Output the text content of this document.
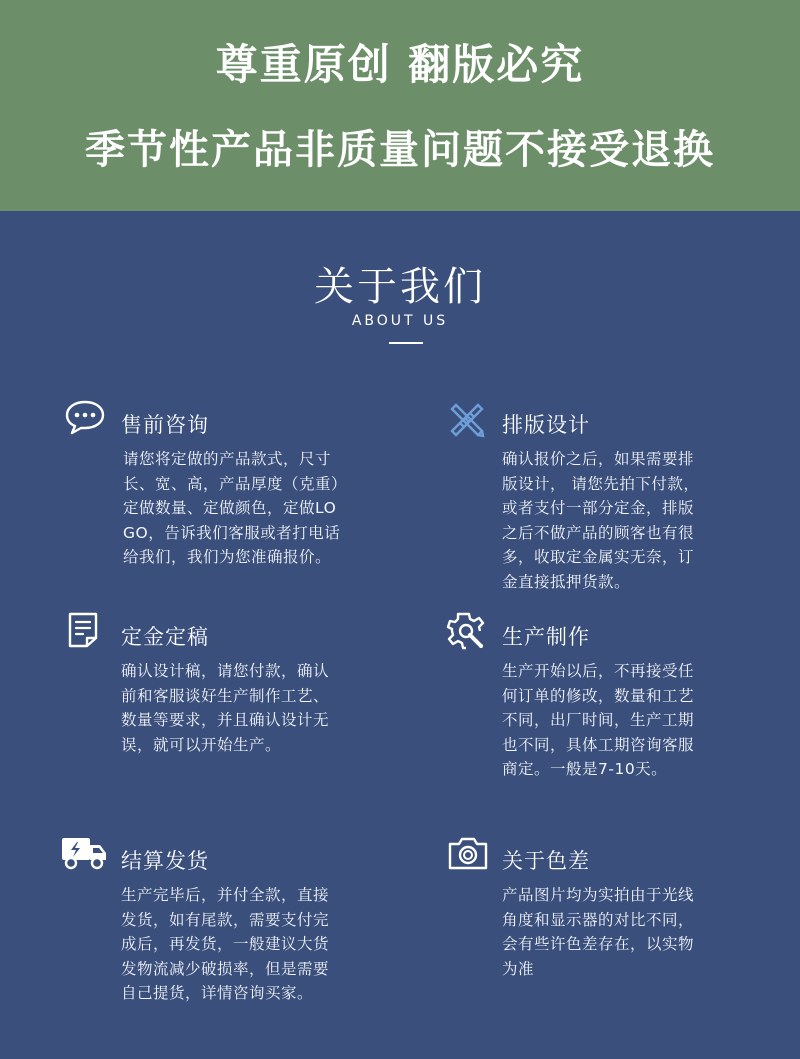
尊重原创 翻版必究
季节性产品非质量问题不接受退换
关于我们
ABOUT US
售前咨询
请您将定做的产品款式，尺寸
长、宽、高，产品厚度（克重）
定做数量、定做颜色，定做LO
GO，告诉我们客服或者打电话
给我们，我们为您准确报价。
排版设计
确认报价之后，如果需要排
版设计， 请您先拍下付款，
或者支付一部分定金，排版
之后不做产品的顾客也有很
多，收取定金属实无奈，订
金直接抵押货款。
定金定稿
确认设计稿，请您付款，确认
前和客服谈好生产制作工艺、
数量等要求，并且确认设计无
误，就可以开始生产。
生产制作
生产开始以后，不再接受任
何订单的修改，数量和工艺
不同，出厂时间，生产工期
也不同，具体工期咨询客服
商定。一般是7-10天。
结算发货
生产完毕后，并付全款，直接
发货，如有尾款，需要支付完
成后，再发货，一般建议大货
发物流减少破损率，但是需要
自己提货，详情咨询买家。
关于色差
产品图片均为实拍由于光线
角度和显示器的对比不同，
会有些许色差存在，以实物
为准
